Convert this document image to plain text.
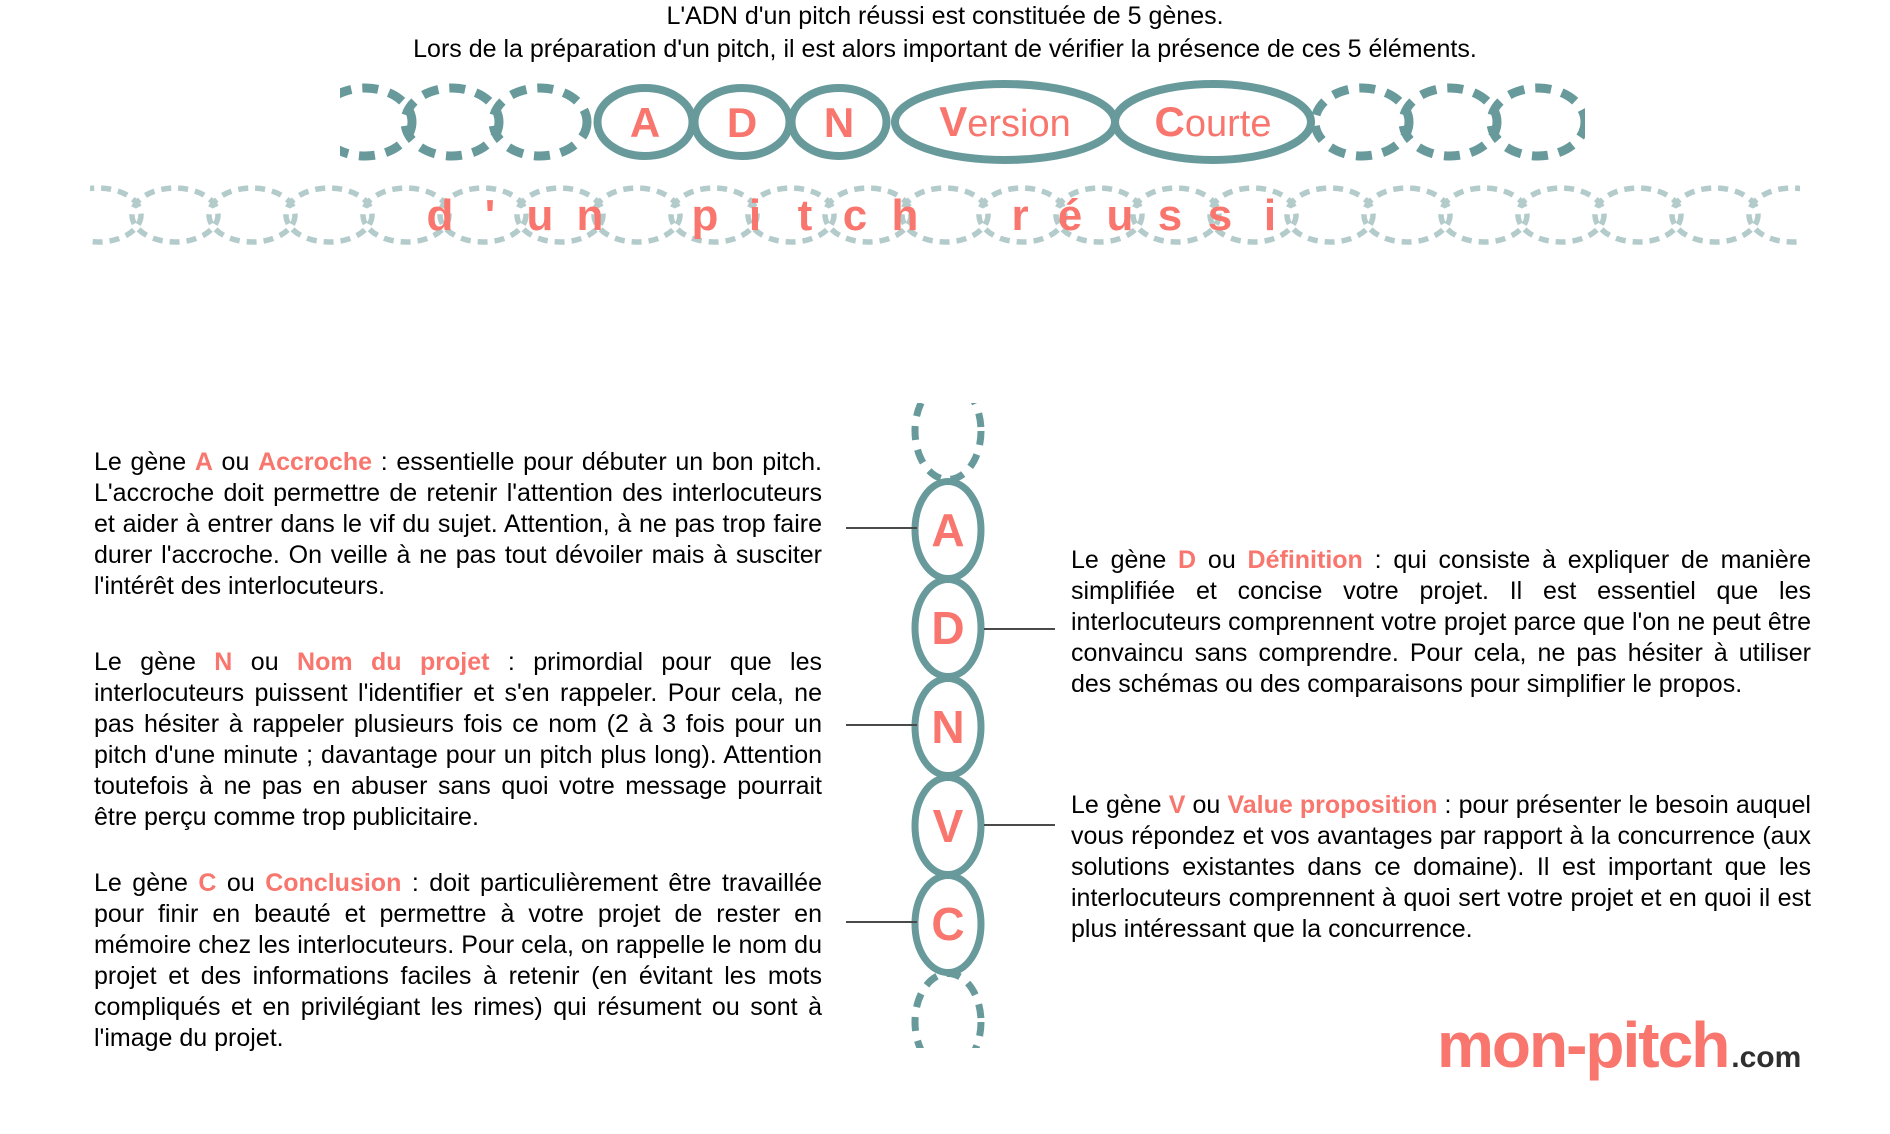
A D N Version Courte
d ' u n p i t c h	r é u s s i
L'ADN d'un pitch réussi est constituée de 5 gènes.
Lors de la préparation d'un pitch, il est alors important de vérifier la présence de ces 5 éléments.
Le gène A ou Accroche : essentielle pour débuter un bon pitch. L'accroche doit permettre de retenir l'attention des interlocuteurs et aider à entrer dans le vif du sujet. Attention, à ne pas trop faire durer l'accroche. On veille à ne pas tout dévoiler mais à susciter l'intérêt des interlocuteurs.
Le gène N ou Nom du projet : primordial pour que les interlocuteurs puissent l'identifier et s'en rappeler. Pour cela, ne pas hésiter à rappeler plusieurs fois ce nom (2 à 3 fois pour un pitch d'une minute ; davantage pour un pitch plus long). Attention toutefois à ne pas en abuser sans quoi votre message pourrait être perçu comme trop publicitaire.
Le gène C ou Conclusion : doit particulièrement être travaillée pour finir en beauté et permettre à votre projet de rester en mémoire chez les interlocuteurs. Pour cela, on rappelle le nom du projet et des informations faciles à retenir (en évitant les mots compliqués et en privilégiant les rimes) qui résument ou sont à l'image du projet.
Le gène D ou Définition : qui consiste à expliquer de manière simplifiée et concise votre projet. Il est essentiel que les interlocuteurs comprennent votre projet parce que l'on ne peut être convaincu sans comprendre. Pour cela, ne pas hésiter à utiliser des schémas ou des comparaisons pour simplifier le propos.
Le gène V ou Value proposition : pour présenter le besoin auquel vous répondez et vos avantages par rapport à la concurrence (aux solutions existantes dans ce domaine). Il est important que les interlocuteurs comprennent à quoi sert votre projet et en quoi il est plus intéressant que la concurrence.
A
D
N
V
C
mon-pitch .com
